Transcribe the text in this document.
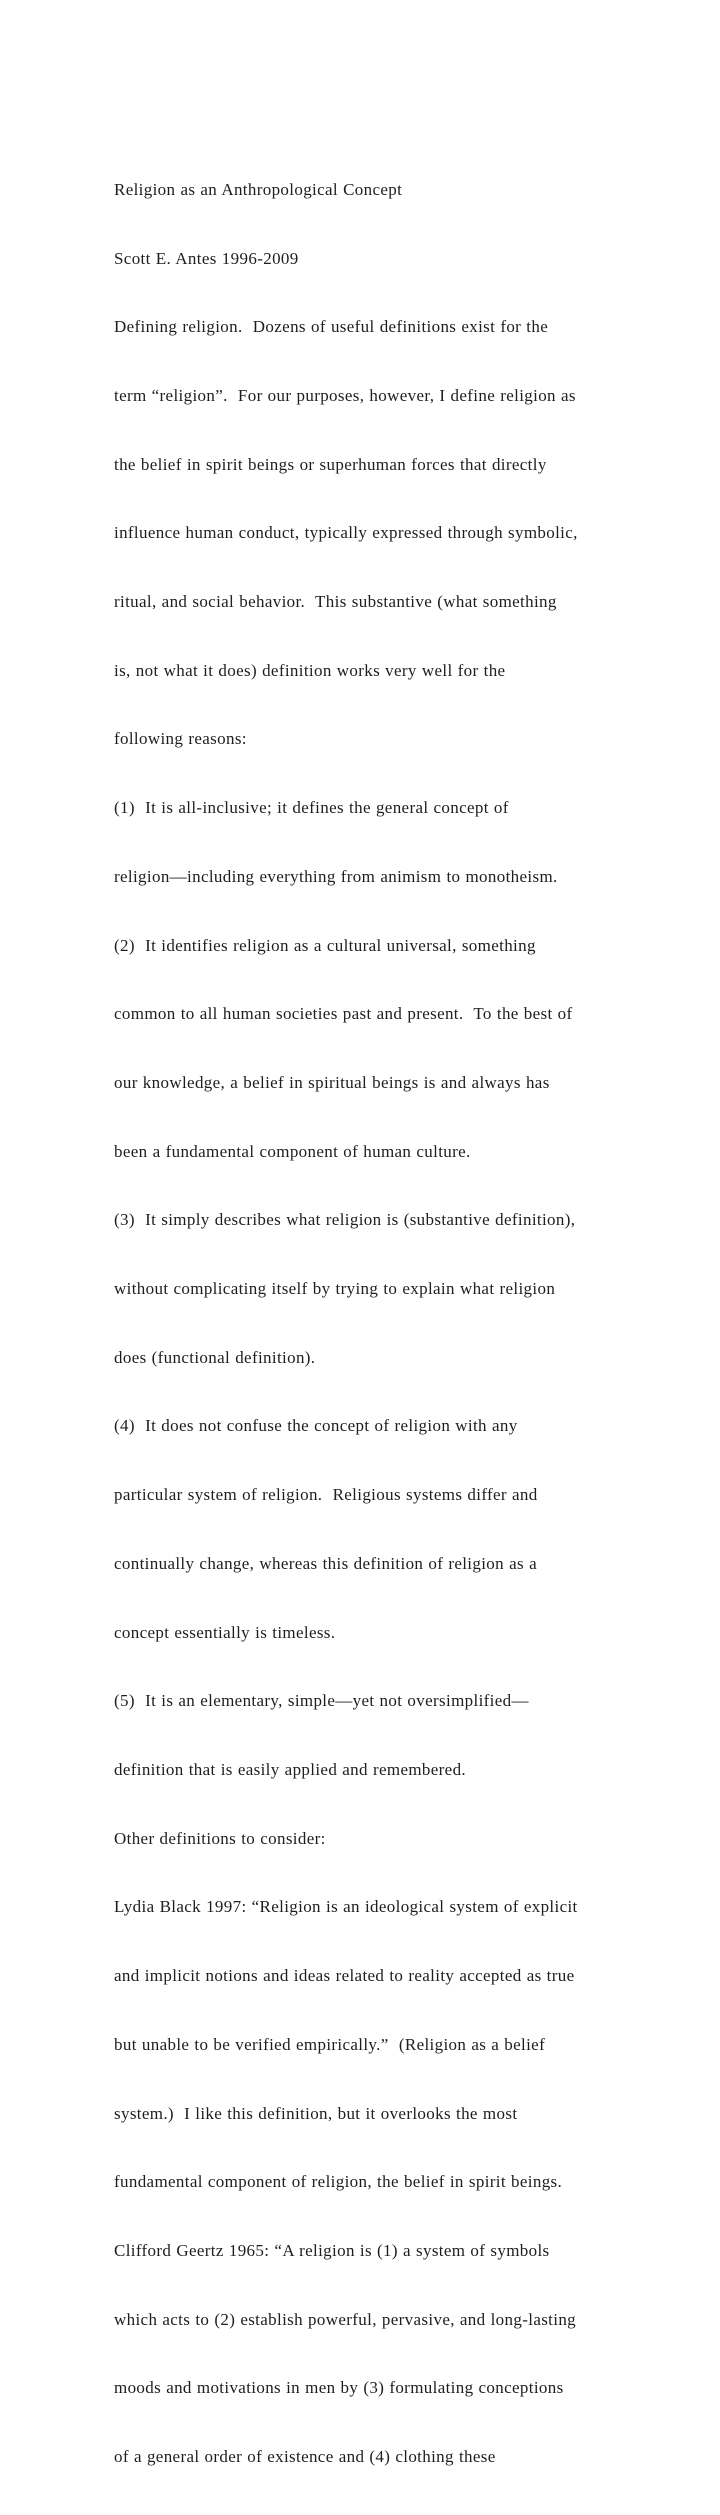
Religion as an Anthropological Concept

Scott E. Antes 1996-2009

Defining religion.  Dozens of useful definitions exist for the

term “religion”.  For our purposes, however, I define religion as

the belief in spirit beings or superhuman forces that directly

influence human conduct, typically expressed through symbolic,

ritual, and social behavior.  This substantive (what something

is, not what it does) definition works very well for the

following reasons:

(1)  It is all-inclusive; it defines the general concept of

religion—including everything from animism to monotheism.

(2)  It identifies religion as a cultural universal, something

common to all human societies past and present.  To the best of

our knowledge, a belief in spiritual beings is and always has

been a fundamental component of human culture.

(3)  It simply describes what religion is (substantive definition),

without complicating itself by trying to explain what religion

does (functional definition).

(4)  It does not confuse the concept of religion with any

particular system of religion.  Religious systems differ and

continually change, whereas this definition of religion as a

concept essentially is timeless.

(5)  It is an elementary, simple—yet not oversimplified—

definition that is easily applied and remembered.

Other definitions to consider:

Lydia Black 1997: “Religion is an ideological system of explicit

and implicit notions and ideas related to reality accepted as true

but unable to be verified empirically.”  (Religion as a belief

system.)  I like this definition, but it overlooks the most

fundamental component of religion, the belief in spirit beings.

Clifford Geertz 1965: “A religion is (1) a system of symbols

which acts to (2) establish powerful, pervasive, and long-lasting

moods and motivations in men by (3) formulating conceptions

of a general order of existence and (4) clothing these
